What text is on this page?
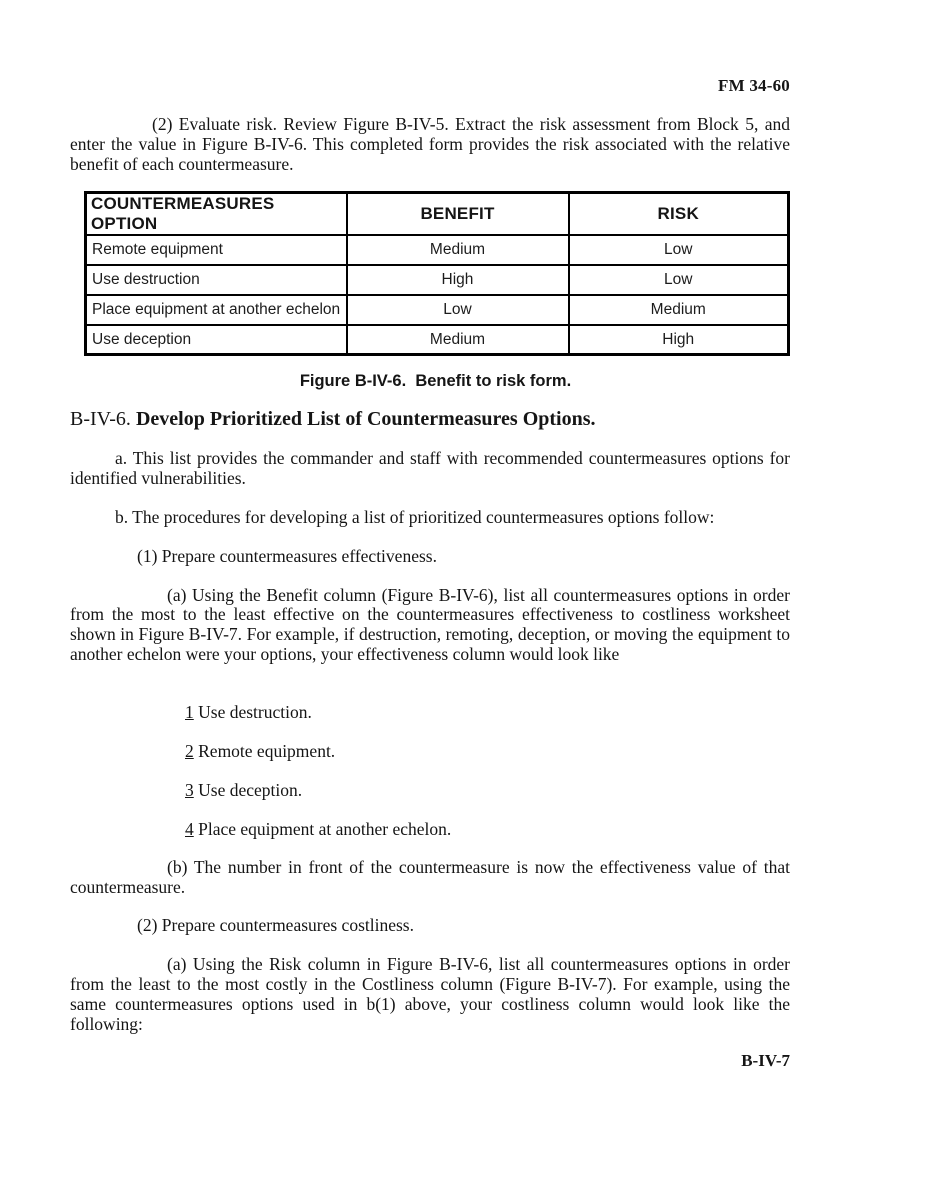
FM 34-60

(2) Evaluate risk. Review Figure B-IV-5. Extract the risk assessment from Block 5, and enter the value in Figure B-IV-6. This completed form provides the risk associated with the relative benefit of each countermeasure.

COUNTERMEASURES OPTION	BENEFIT	RISK
Remote equipment	Medium	Low
Use destruction	High	Low
Place equipment at another echelon	Low	Medium
Use deception	Medium	High
Figure B-IV-6.  Benefit to risk form.
B-IV-6. Develop Prioritized List of Countermeasures Options.

a. This list provides the commander and staff with recommended countermeasures options for identified vulnerabilities.

b. The procedures for developing a list of prioritized countermeasures options follow:

(1) Prepare countermeasures effectiveness.

(a) Using the Benefit column (Figure B-IV-6), list all countermeasures options in order from the most to the least effective on the countermeasures effectiveness to costliness worksheet shown in Figure B-IV-7. For example, if destruction, remoting, deception, or moving the equipment to another echelon were your options, your effectiveness column would look like

1 Use destruction.
2 Remote equipment.
3 Use deception.
4 Place equipment at another echelon.

(b) The number in front of the countermeasure is now the effectiveness value of that countermeasure.

(2) Prepare countermeasures costliness.

(a) Using the Risk column in Figure B-IV-6, list all countermeasures options in order from the least to the most costly in the Costliness column (Figure B-IV-7). For example, using the same countermeasures options used in b(1) above, your costliness column would look like the following:

B-IV-7
